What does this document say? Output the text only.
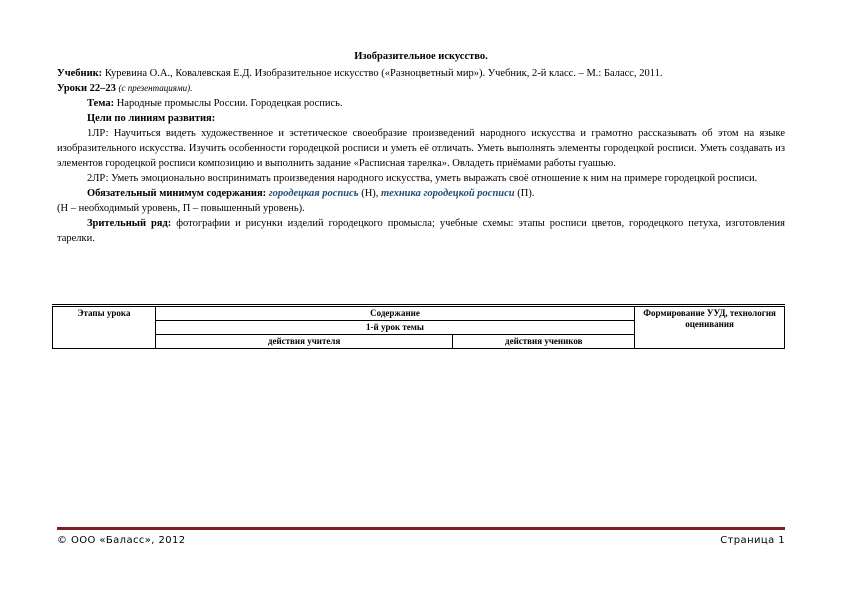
Изобразительное искусство.

Учебник: Куревина О.А., Ковалевская Е.Д. Изобразительное искусство («Разноцветный мир»). Учебник, 2-й класс. – М.: Баласс, 2011.

Уроки 22–23 (с презентациями).

Тема: Народные промыслы России. Городецкая роспись.

Цели по линиям развития:

1ЛР: Научиться видеть художественное и эстетическое своеобразие произведений народного искусства и грамотно рассказывать об этом на языке изобразительного искусства. Изучить особенности городецкой росписи и уметь её отличать. Уметь выполнять элементы городецкой росписи. Уметь создавать из элементов городецкой росписи композицию и выполнить задание «Расписная тарелка». Овладеть приёмами работы гуашью.

2ЛР: Уметь эмоционально воспринимать произведения народного искусства, уметь выражать своё отношение к ним на примере городецкой росписи.

Обязательный минимум содержания: городецкая роспись (Н), техника городецкой росписи (П).

(Н – необходимый уровень, П – повышенный уровень).

Зрительный ряд: фотографии и рисунки изделий городецкого промысла; учебные схемы: этапы росписи цветов, городецкого петуха, изготовления тарелки.

Этапы урока	Содержание		Формирование УУД, технология оценивания
	1-й урок темы		
	действия учителя	действия учеников	
© ООО «Баласс», 2012	Страница 1
